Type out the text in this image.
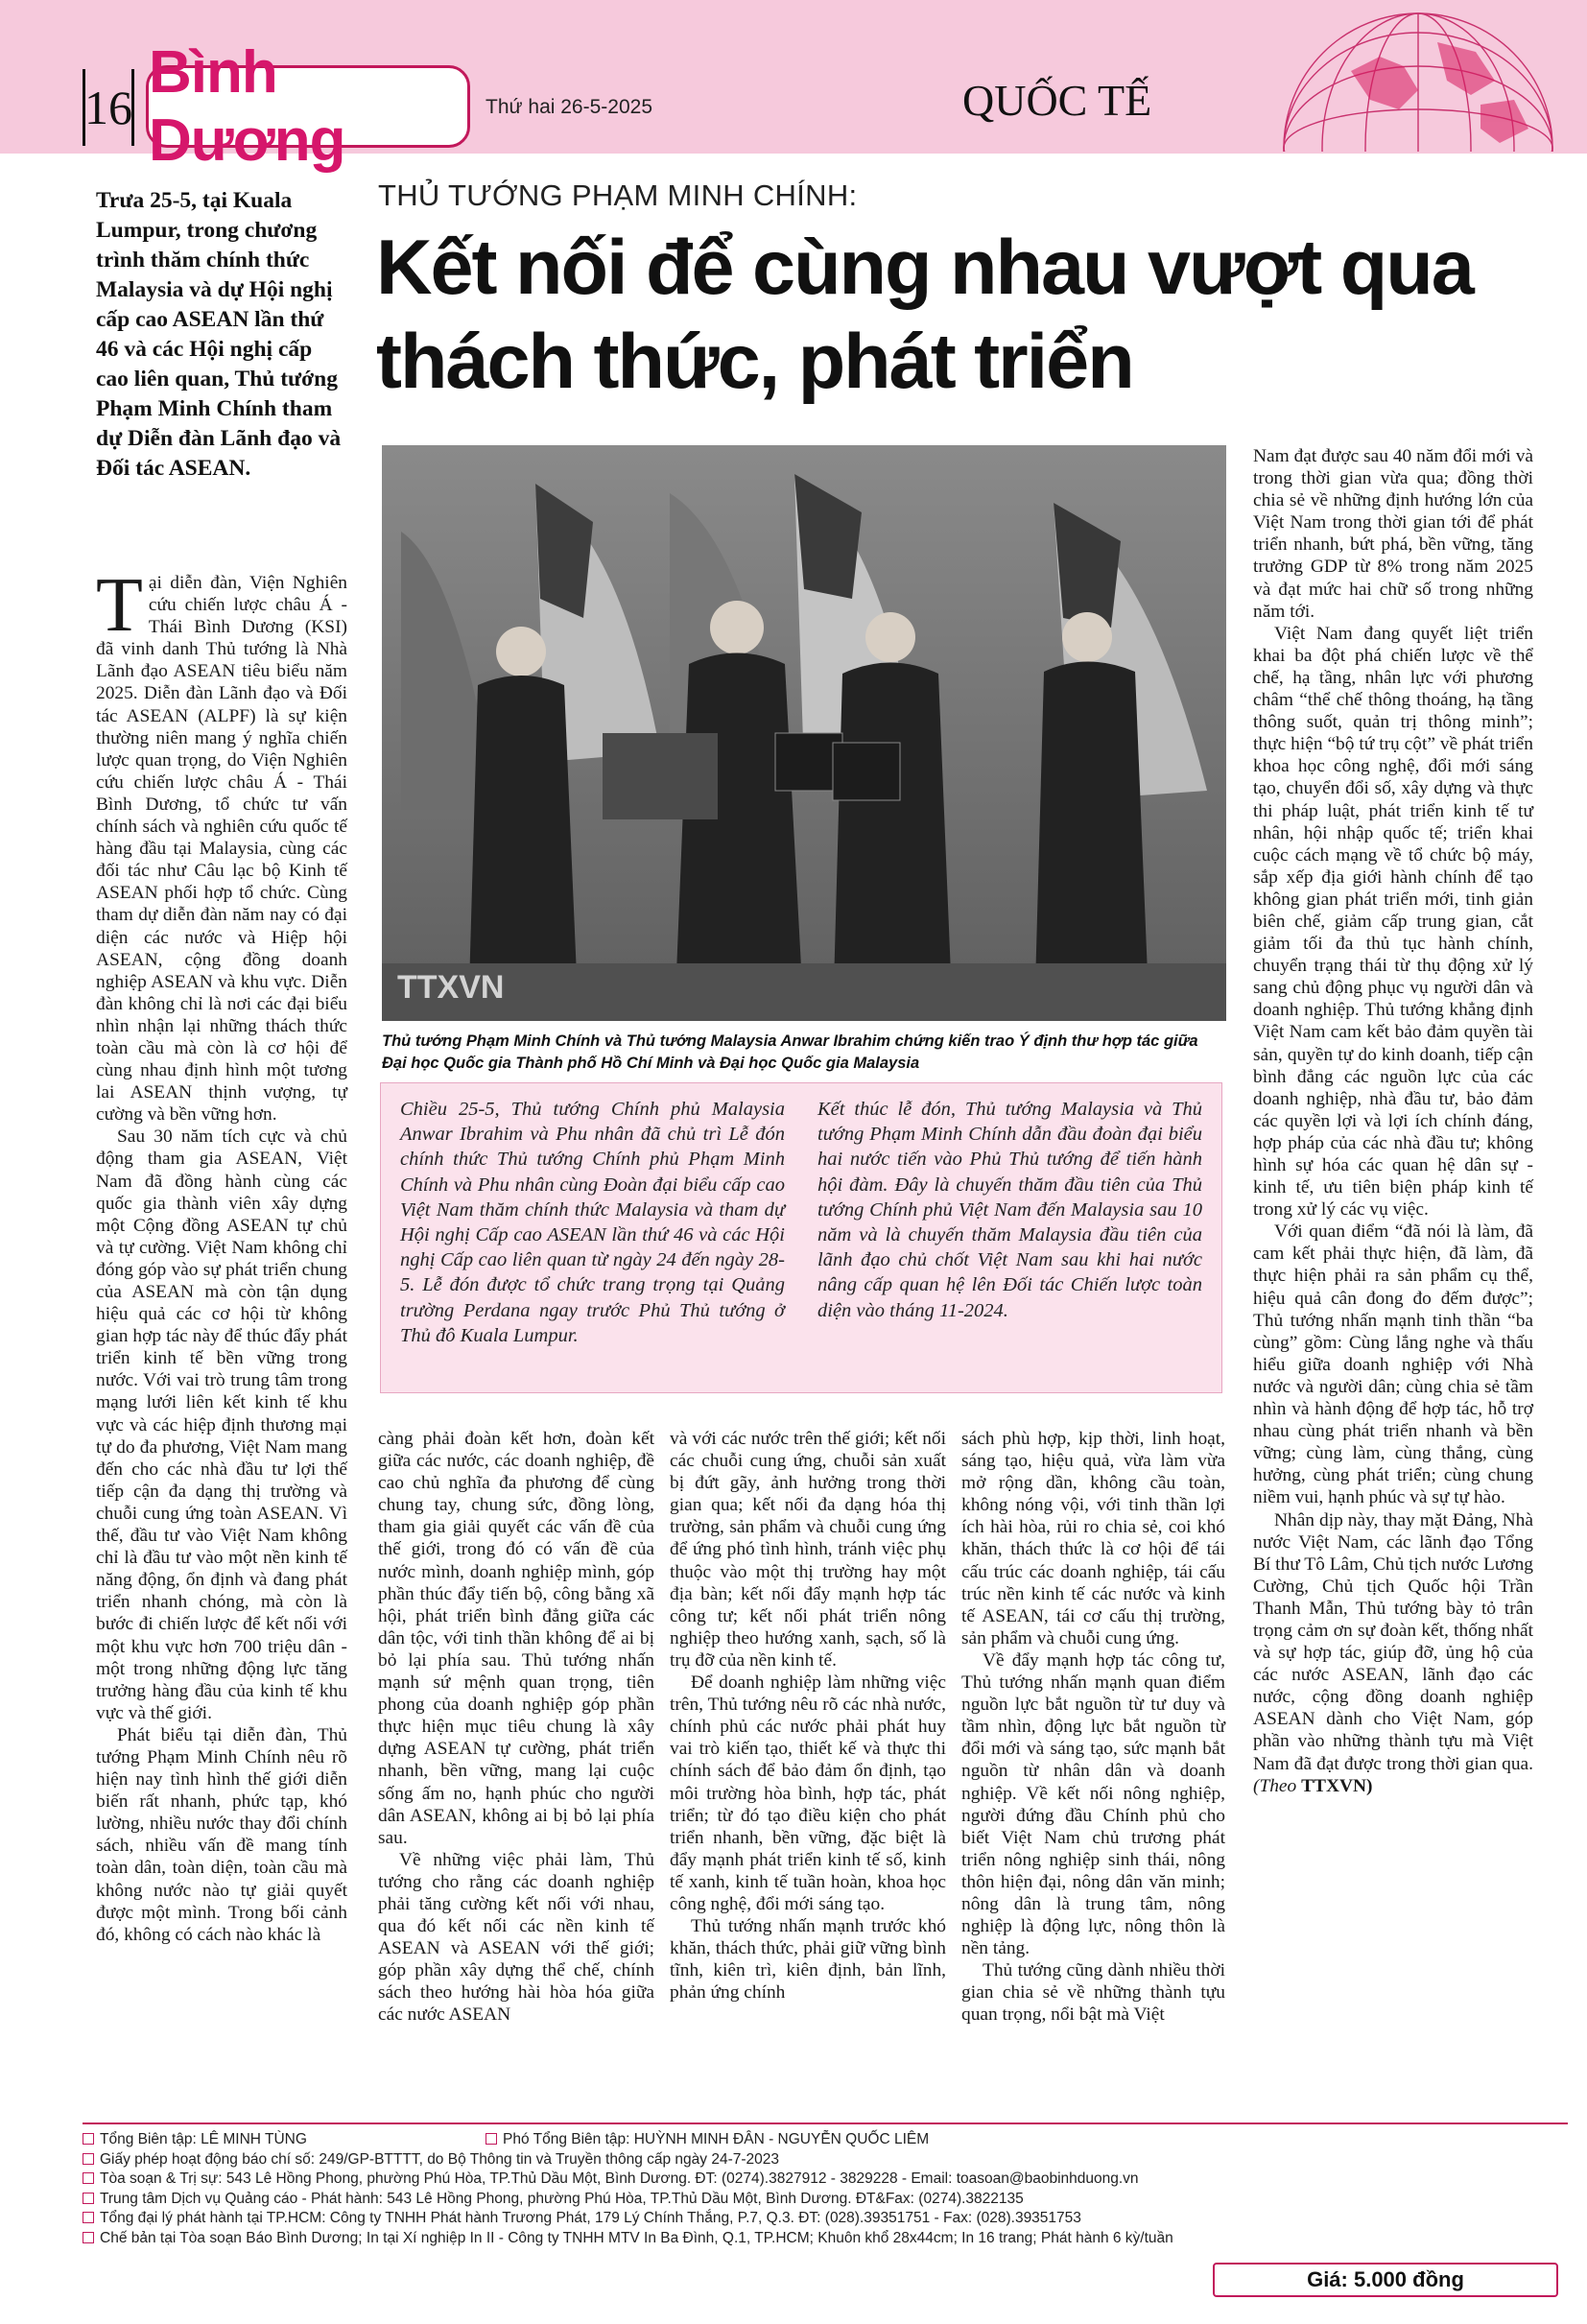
16
Bình Dương
Thứ hai 26-5-2025	QUỐC TẾ
Trưa 25-5, tại Kuala Lumpur, trong chương trình thăm chính thức Malaysia và dự Hội nghị cấp cao ASEAN lần thứ 46 và các Hội nghị cấp cao liên quan, Thủ tướng Phạm Minh Chính tham dự Diễn đàn Lãnh đạo và Đối tác ASEAN.
THỦ TƯỚNG PHẠM MINH CHÍNH:
Kết nối để cùng nhau vượt qua thách thức, phát triển
TTXVN
Thủ tướng Phạm Minh Chính và Thủ tướng Malaysia Anwar Ibrahim chứng kiến trao Ý định thư hợp tác giữa Đại học Quốc gia Thành phố Hồ Chí Minh và Đại học Quốc gia Malaysia

Chiều 25-5, Thủ tướng Chính phủ Malaysia Anwar Ibrahim và Phu nhân đã chủ trì Lễ đón chính thức Thủ tướng Chính phủ Phạm Minh Chính và Phu nhân cùng Đoàn đại biểu cấp cao Việt Nam thăm chính thức Malaysia và tham dự Hội nghị Cấp cao ASEAN lần thứ 46 và các Hội nghị Cấp cao liên quan từ ngày 24 đến ngày 28-5. Lễ đón được tổ chức trang trọng tại Quảng trường Perdana ngay trước Phủ Thủ tướng ở Thủ đô Kuala Lumpur.

Kết thúc lễ đón, Thủ tướng Malaysia và Thủ tướng Phạm Minh Chính dẫn đầu đoàn đại biểu hai nước tiến vào Phủ Thủ tướng để tiến hành hội đàm. Đây là chuyến thăm đầu tiên của Thủ tướng Chính phủ Việt Nam đến Malaysia sau 10 năm và là chuyến thăm Malaysia đầu tiên của lãnh đạo chủ chốt Việt Nam sau khi hai nước nâng cấp quan hệ lên Đối tác Chiến lược toàn diện vào tháng 11-2024.

Tại diễn đàn, Viện Nghiên cứu chiến lược châu Á - Thái Bình Dương (KSI) đã vinh danh Thủ tướng là Nhà Lãnh đạo ASEAN tiêu biểu năm 2025. Diễn đàn Lãnh đạo và Đối tác ASEAN (ALPF) là sự kiện thường niên mang ý nghĩa chiến lược quan trọng, do Viện Nghiên cứu chiến lược châu Á - Thái Bình Dương, tổ chức tư vấn chính sách và nghiên cứu quốc tế hàng đầu tại Malaysia, cùng các đối tác như Câu lạc bộ Kinh tế ASEAN phối hợp tổ chức. Cùng tham dự diễn đàn năm nay có đại diện các nước và Hiệp hội ASEAN, cộng đồng doanh nghiệp ASEAN và khu vực. Diễn đàn không chỉ là nơi các đại biểu nhìn nhận lại những thách thức toàn cầu mà còn là cơ hội để cùng nhau định hình một tương lai ASEAN thịnh vượng, tự cường và bền vững hơn.

Sau 30 năm tích cực và chủ động tham gia ASEAN, Việt Nam đã đồng hành cùng các quốc gia thành viên xây dựng một Cộng đồng ASEAN tự chủ và tự cường. Việt Nam không chỉ đóng góp vào sự phát triển chung của ASEAN mà còn tận dụng hiệu quả các cơ hội từ không gian hợp tác này để thúc đẩy phát triển kinh tế bền vững trong nước. Với vai trò trung tâm trong mạng lưới liên kết kinh tế khu vực và các hiệp định thương mại tự do đa phương, Việt Nam mang đến cho các nhà đầu tư lợi thế tiếp cận đa dạng thị trường và chuỗi cung ứng toàn ASEAN. Vì thế, đầu tư vào Việt Nam không chỉ là đầu tư vào một nền kinh tế năng động, ổn định và đang phát triển nhanh chóng, mà còn là bước đi chiến lược để kết nối với một khu vực hơn 700 triệu dân - một trong những động lực tăng trưởng hàng đầu của kinh tế khu vực và thế giới.

Phát biểu tại diễn đàn, Thủ tướng Phạm Minh Chính nêu rõ hiện nay tình hình thế giới diễn biến rất nhanh, phức tạp, khó lường, nhiều nước thay đổi chính sách, nhiều vấn đề mang tính toàn dân, toàn diện, toàn cầu mà không nước nào tự giải quyết được một mình. Trong bối cảnh đó, không có cách nào khác là

càng phải đoàn kết hơn, đoàn kết giữa các nước, các doanh nghiệp, đề cao chủ nghĩa đa phương để cùng chung tay, chung sức, đồng lòng, tham gia giải quyết các vấn đề của thế giới, trong đó có vấn đề của nước mình, doanh nghiệp mình, góp phần thúc đẩy tiến bộ, công bằng xã hội, phát triển bình đẳng giữa các dân tộc, với tinh thần không để ai bị bỏ lại phía sau. Thủ tướng nhấn mạnh sứ mệnh quan trọng, tiên phong của doanh nghiệp góp phần thực hiện mục tiêu chung là xây dựng ASEAN tự cường, phát triển nhanh, bền vững, mang lại cuộc sống ấm no, hạnh phúc cho người dân ASEAN, không ai bị bỏ lại phía sau.

Về những việc phải làm, Thủ tướng cho rằng các doanh nghiệp phải tăng cường kết nối với nhau, qua đó kết nối các nền kinh tế ASEAN và ASEAN với thế giới; góp phần xây dựng thể chế, chính sách theo hướng hài hòa hóa giữa các nước ASEAN

và với các nước trên thế giới; kết nối các chuỗi cung ứng, chuỗi sản xuất bị đứt gãy, ảnh hưởng trong thời gian qua; kết nối đa dạng hóa thị trường, sản phẩm và chuỗi cung ứng để ứng phó tình hình, tránh việc phụ thuộc vào một thị trường hay một địa bàn; kết nối đẩy mạnh hợp tác công tư; kết nối phát triển nông nghiệp theo hướng xanh, sạch, số là trụ đỡ của nền kinh tế.

Để doanh nghiệp làm những việc trên, Thủ tướng nêu rõ các nhà nước, chính phủ các nước phải phát huy vai trò kiến tạo, thiết kế và thực thi chính sách để bảo đảm ổn định, tạo môi trường hòa bình, hợp tác, phát triển; từ đó tạo điều kiện cho phát triển nhanh, bền vững, đặc biệt là đẩy mạnh phát triển kinh tế số, kinh tế xanh, kinh tế tuần hoàn, khoa học công nghệ, đổi mới sáng tạo.

Thủ tướng nhấn mạnh trước khó khăn, thách thức, phải giữ vững bình tĩnh, kiên trì, kiên định, bản lĩnh, phản ứng chính

sách phù hợp, kịp thời, linh hoạt, sáng tạo, hiệu quả, vừa làm vừa mở rộng dần, không cầu toàn, không nóng vội, với tinh thần lợi ích hài hòa, rủi ro chia sẻ, coi khó khăn, thách thức là cơ hội để tái cấu trúc các doanh nghiệp, tái cấu trúc nền kinh tế các nước và kinh tế ASEAN, tái cơ cấu thị trường, sản phẩm và chuỗi cung ứng.

Về đẩy mạnh hợp tác công tư, Thủ tướng nhấn mạnh quan điểm nguồn lực bắt nguồn từ tư duy và tầm nhìn, động lực bắt nguồn từ đổi mới và sáng tạo, sức mạnh bắt nguồn từ nhân dân và doanh nghiệp. Về kết nối nông nghiệp, người đứng đầu Chính phủ cho biết Việt Nam chủ trương phát triển nông nghiệp sinh thái, nông thôn hiện đại, nông dân văn minh; nông dân là trung tâm, nông nghiệp là động lực, nông thôn là nền tảng.

Thủ tướng cũng dành nhiều thời gian chia sẻ về những thành tựu quan trọng, nổi bật mà Việt

Nam đạt được sau 40 năm đổi mới và trong thời gian vừa qua; đồng thời chia sẻ về những định hướng lớn của Việt Nam trong thời gian tới để phát triển nhanh, bứt phá, bền vững, tăng trưởng GDP từ 8% trong năm 2025 và đạt mức hai chữ số trong những năm tới.

Việt Nam đang quyết liệt triển khai ba đột phá chiến lược về thể chế, hạ tầng, nhân lực với phương châm “thể chế thông thoáng, hạ tầng thông suốt, quản trị thông minh”; thực hiện “bộ tứ trụ cột” về phát triển khoa học công nghệ, đổi mới sáng tạo, chuyển đổi số, xây dựng và thực thi pháp luật, phát triển kinh tế tư nhân, hội nhập quốc tế; triển khai cuộc cách mạng về tổ chức bộ máy, sắp xếp địa giới hành chính để tạo không gian phát triển mới, tinh giản biên chế, giảm cấp trung gian, cắt giảm tối đa thủ tục hành chính, chuyển trạng thái từ thụ động xử lý sang chủ động phục vụ người dân và doanh nghiệp. Thủ tướng khẳng định Việt Nam cam kết bảo đảm quyền tài sản, quyền tự do kinh doanh, tiếp cận bình đẳng các nguồn lực của các doanh nghiệp, nhà đầu tư, bảo đảm các quyền lợi và lợi ích chính đáng, hợp pháp của các nhà đầu tư; không hình sự hóa các quan hệ dân sự - kinh tế, ưu tiên biện pháp kinh tế trong xử lý các vụ việc.

Với quan điểm “đã nói là làm, đã cam kết phải thực hiện, đã làm, đã thực hiện phải ra sản phẩm cụ thể, hiệu quả cân đong đo đếm được”; Thủ tướng nhấn mạnh tinh thần “ba cùng” gồm: Cùng lắng nghe và thấu hiểu giữa doanh nghiệp với Nhà nước và người dân; cùng chia sẻ tầm nhìn và hành động để hợp tác, hỗ trợ nhau cùng phát triển nhanh và bền vững; cùng làm, cùng thắng, cùng hưởng, cùng phát triển; cùng chung niềm vui, hạnh phúc và sự tự hào.

Nhân dịp này, thay mặt Đảng, Nhà nước Việt Nam, các lãnh đạo Tổng Bí thư Tô Lâm, Chủ tịch nước Lương Cường, Chủ tịch Quốc hội Trần Thanh Mẫn, Thủ tướng bày tỏ trân trọng cảm ơn sự đoàn kết, thống nhất và sự hợp tác, giúp đỡ, ủng hộ của các nước ASEAN, lãnh đạo các nước, cộng đồng doanh nghiệp ASEAN dành cho Việt Nam, góp phần vào những thành tựu mà Việt Nam đã đạt được trong thời gian qua. (Theo TTXVN)

Tổng Biên tập: LÊ MINH TÙNG	Phó Tổng Biên tập: HUỲNH MINH ĐÂN - NGUYỄN QUỐC LIÊM
Giấy phép hoạt động báo chí số: 249/GP-BTTTT, do Bộ Thông tin và Truyền thông cấp ngày 24-7-2023
Tòa soạn & Trị sự: 543 Lê Hồng Phong, phường Phú Hòa, TP.Thủ Dầu Một, Bình Dương. ĐT: (0274).3827912 - 3829228 - Email: toasoan@baobinhduong.vn
Trung tâm Dịch vụ Quảng cáo - Phát hành: 543 Lê Hồng Phong, phường Phú Hòa, TP.Thủ Dầu Một, Bình Dương. ĐT&Fax: (0274).3822135
Tổng đại lý phát hành tại TP.HCM: Công ty TNHH Phát hành Trương Phát, 179 Lý Chính Thắng, P.7, Q.3. ĐT: (028).39351751 - Fax: (028).39351753
Chế bản tại Tòa soạn Báo Bình Dương; In tại Xí nghiệp In II - Công ty TNHH MTV In Ba Đình, Q.1, TP.HCM; Khuôn khổ 28x44cm; In 16 trang; Phát hành 6 kỳ/tuần
Giá: 5.000 đồng
